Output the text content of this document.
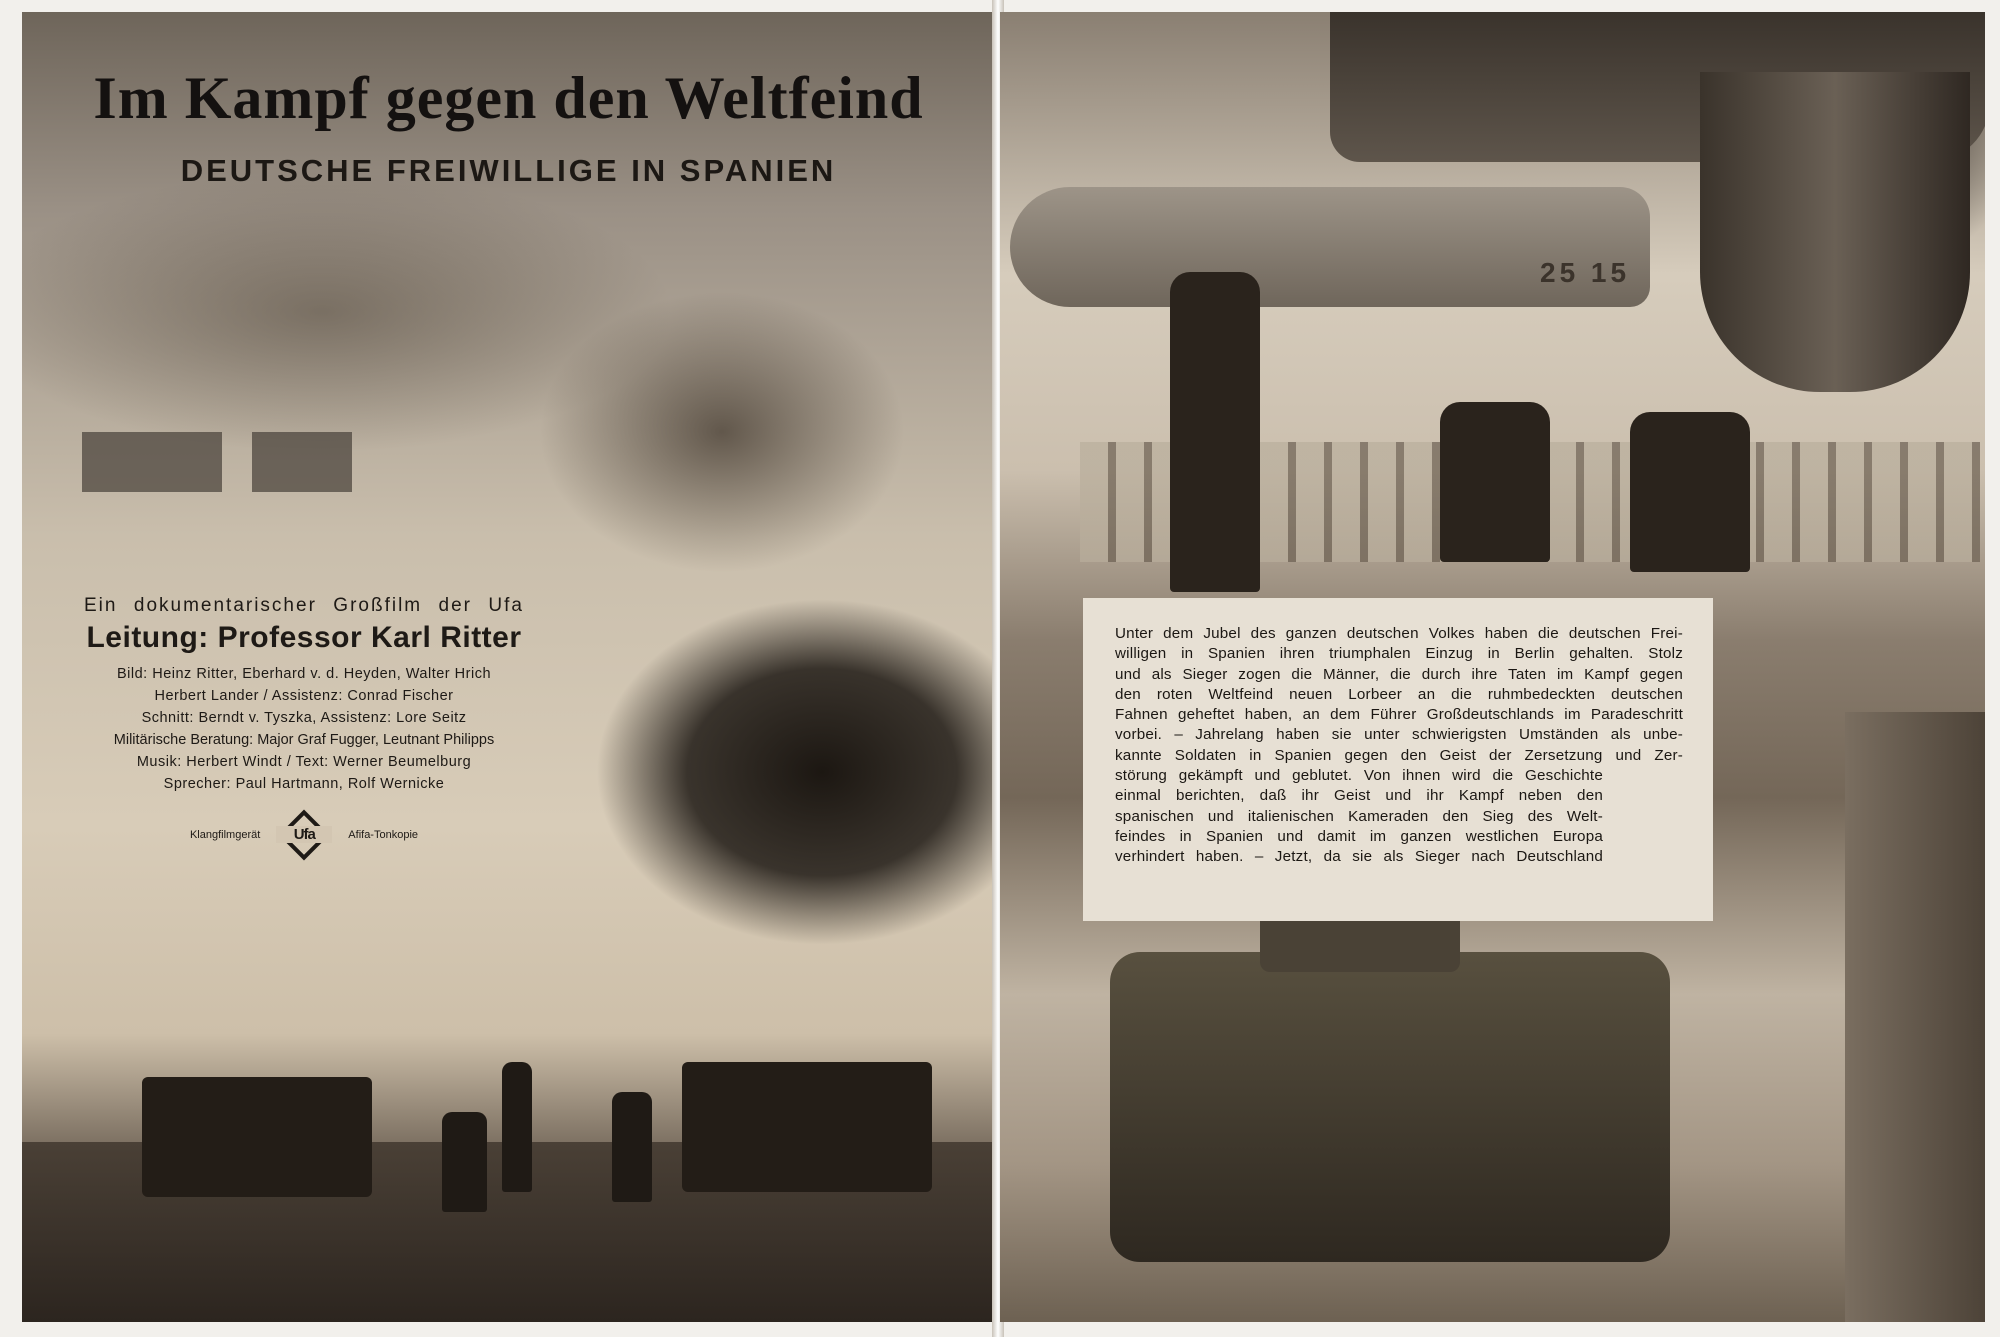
Im Kampf gegen den Weltfeind
DEUTSCHE FREIWILLIGE IN SPANIEN
Ein dokumentarischer Großfilm der Ufa
Leitung: Professor Karl Ritter
Bild: Heinz Ritter, Eberhard v. d. Heyden, Walter Hrich
Herbert Lander / Assistenz: Conrad Fischer
Schnitt: Berndt v. Tyszka, Assistenz: Lore Seitz
Militärische Beratung: Major Graf Fugger, Leutnant Philipps
Musik: Herbert Windt / Text: Werner Beumelburg
Sprecher: Paul Hartmann, Rolf Wernicke
Klangfilmgerät	Ufa	Afifa-Tonkopie
25 15
Unter dem Jubel des ganzen deutschen Volkes haben die deutschen Frei-
willigen in Spanien ihren triumphalen Einzug in Berlin gehalten. Stolz
und als Sieger zogen die Männer, die durch ihre Taten im Kampf gegen
den roten Weltfeind neuen Lorbeer an die ruhmbedeckten deutschen
Fahnen geheftet haben, an dem Führer Großdeutschlands im Paradeschritt
vorbei. – Jahrelang haben sie unter schwierigsten Umständen als unbe-
kannte Soldaten in Spanien gegen den Geist der Zersetzung und Zer-
störung gekämpft und geblutet. Von ihnen wird die Geschichte
einmal berichten, daß ihr Geist und ihr Kampf neben den
spanischen und italienischen Kameraden den Sieg des Welt-
feindes in Spanien und damit im ganzen westlichen Europa
verhindert haben. – Jetzt, da sie als Sieger nach Deutschland
